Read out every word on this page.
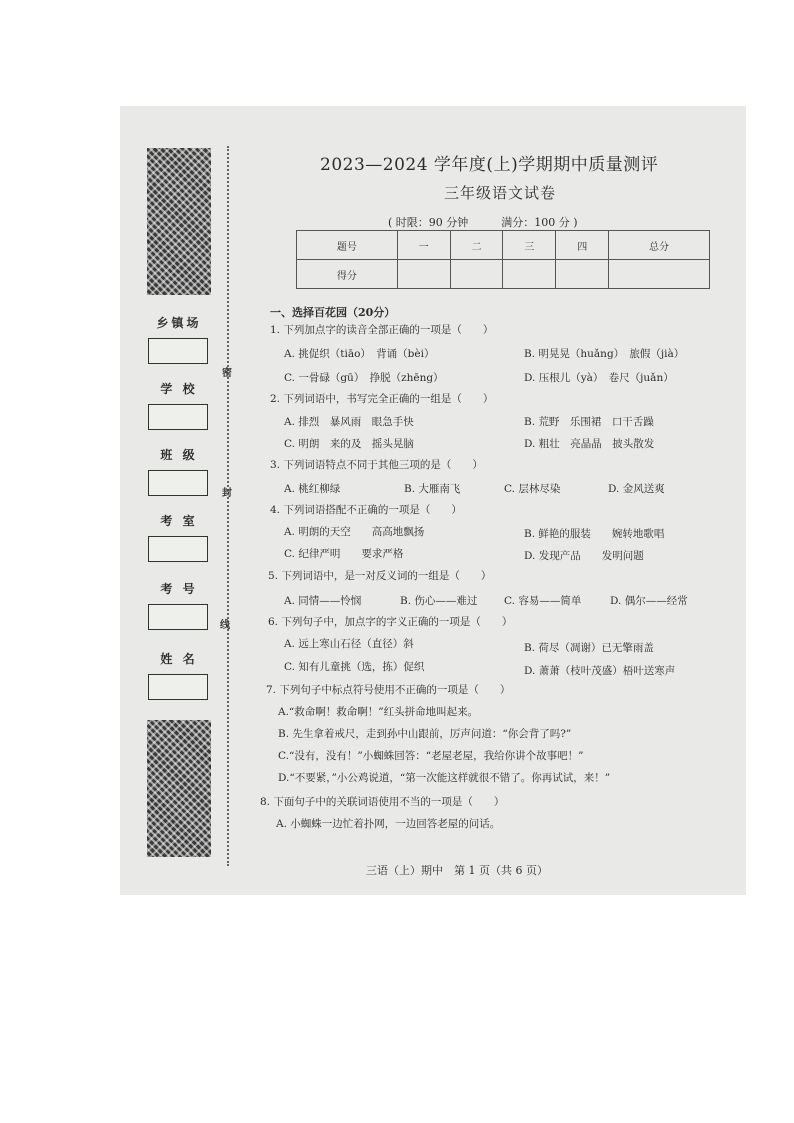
密
封
线
乡镇场
学 校
班 级
考 室
考 号
姓 名
2023—2024 学年度(上)学期期中质量测评
三年级语文试卷
( 时限：90 分钟　　　满分：100 分 )
题号	一	二	三	四	总分
得分					
一、选择百花园（20分）
1. 下列加点字的读音全部正确的一项是（　　）
A. 挑促织（tiāo）　背诵（bèi）	B. 明晃晃（huǎng）　旅假（jià）
C. 一骨碌（gū）　挣脱（zhēng）	D. 压根儿（yà）　卷尺（juǎn）
2. 下列词语中，书写完全正确的一组是（　　）
A. 排烈　暴风雨　眼急手快	B. 荒野　乐围裙　口干舌躁
C. 明朗　来的及　摇头晃脑	D. 粗壮　亮晶晶　披头散发
3. 下列词语特点不同于其他三项的是（　　）
A. 桃红柳绿	B. 大雁南飞	C. 层林尽染	D. 金风送爽
4. 下列词语搭配不正确的一项是（　　）
A. 明朗的天空　　高高地飘扬	B. 鲜艳的服装　　婉转地歌唱
C. 纪律严明　　要求严格	D. 发现产品　　发明问题
5. 下列词语中，是一对反义词的一组是（　　）
A. 同情——怜悯	B. 伤心——难过	C. 容易——简单	D. 偶尔——经常
6. 下列句子中，加点字的字义正确的一项是（　　）
A. 远上寒山石径（直径）斜	B. 荷尽（凋谢）已无擎雨盖
C. 知有儿童挑（选，拣）促织	D. 萧萧（枝叶茂盛）梧叶送寒声
7. 下列句子中标点符号使用不正确的一项是（　　）
A.“救命啊！救命啊！”红头拼命地叫起来。
B. 先生拿着戒尺，走到孙中山跟前，厉声问道：“你会背了吗?”
C.“没有，没有！”小蜘蛛回答：“老屋老屋，我给你讲个故事吧！”
D.“不要紧，”小公鸡说道，“第一次能这样就很不错了。你再试试，来！”
8. 下面句子中的关联词语使用不当的一项是（　　）
A. 小蜘蛛一边忙着扑网，一边回答老屋的问话。
三语（上）期中　第 1 页（共 6 页）
